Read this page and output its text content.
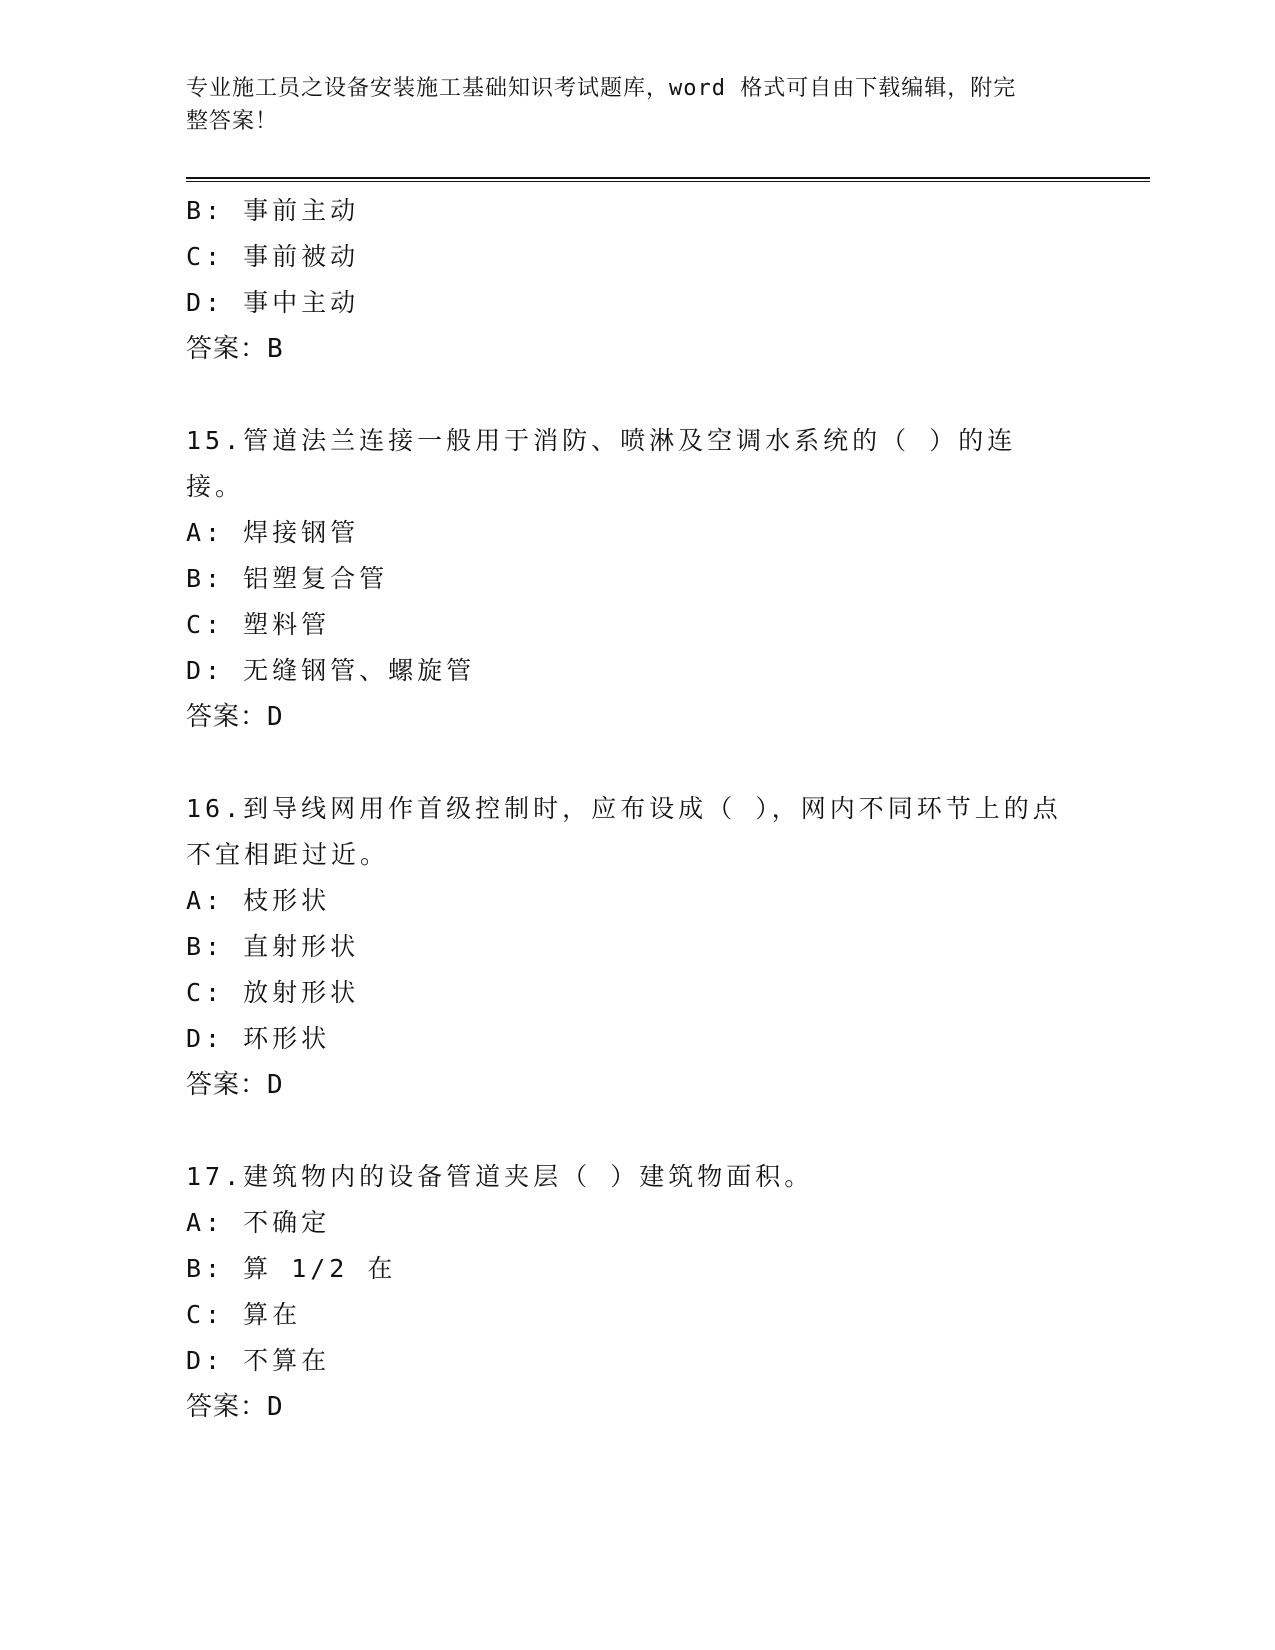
专业施工员之设备安装施工基础知识考试题库，word 格式可自由下载编辑，附完
整答案！
B: 事前主动
C: 事前被动
D: 事中主动
答案：B
15.管道法兰连接一般用于消防、喷淋及空调水系统的（ ）的连接。
A: 焊接钢管
B: 铝塑复合管
C: 塑料管
D: 无缝钢管、螺旋管
答案：D
16.到导线网用作首级控制时，应布设成（ ），网内不同环节上的点
不宜相距过近。
A: 枝形状
B: 直射形状
C: 放射形状
D: 环形状
答案：D
17.建筑物内的设备管道夹层（ ）建筑物面积。
A: 不确定
B: 算 1/2 在
C: 算在
D: 不算在
答案：D
